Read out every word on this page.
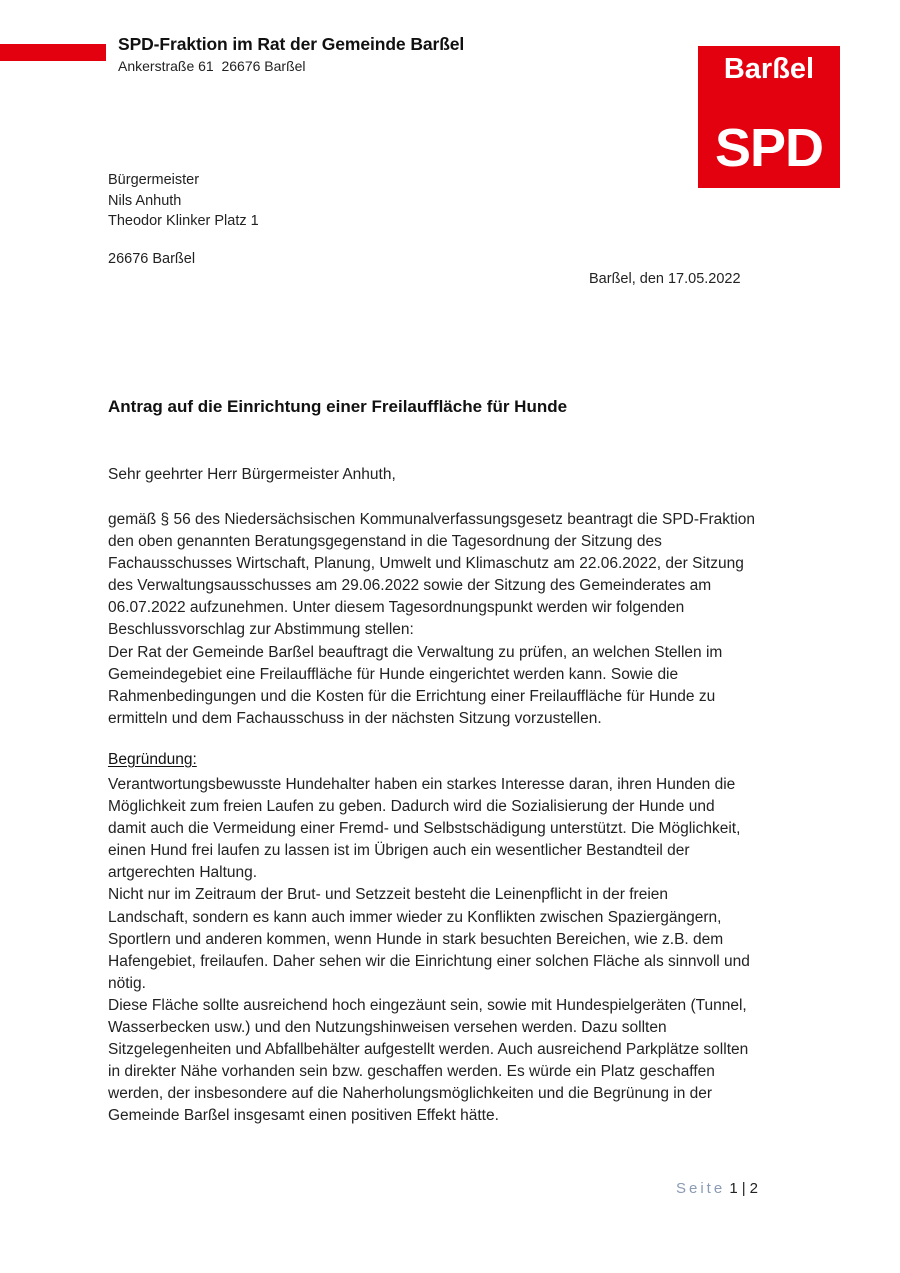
SPD-Fraktion im Rat der Gemeinde Barßel
Ankerstraße 61  26676 Barßel	Barßel
SPD
Bürgermeister
Nils Anhuth
Theodor Klinker Platz 1
26676 Barßel
Barßel, den 17.05.2022
Antrag auf die Einrichtung einer Freilauffläche für Hunde
Sehr geehrter Herr Bürgermeister Anhuth,
gemäß § 56 des Niedersächsischen Kommunalverfassungsgesetz beantragt die SPD-Fraktion
den oben genannten Beratungsgegenstand in die Tagesordnung der Sitzung des
Fachausschusses Wirtschaft, Planung, Umwelt und Klimaschutz am 22.06.2022, der Sitzung
des Verwaltungsausschusses am 29.06.2022 sowie der Sitzung des Gemeinderates am
06.07.2022 aufzunehmen. Unter diesem Tagesordnungspunkt werden wir folgenden
Beschlussvorschlag zur Abstimmung stellen:
Der Rat der Gemeinde Barßel beauftragt die Verwaltung zu prüfen, an welchen Stellen im
Gemeindegebiet eine Freilauffläche für Hunde eingerichtet werden kann. Sowie die
Rahmenbedingungen und die Kosten für die Errichtung einer Freilauffläche für Hunde zu
ermitteln und dem Fachausschuss in der nächsten Sitzung vorzustellen.
Begründung:
Verantwortungsbewusste Hundehalter haben ein starkes Interesse daran, ihren Hunden die
Möglichkeit zum freien Laufen zu geben. Dadurch wird die Sozialisierung der Hunde und
damit auch die Vermeidung einer Fremd- und Selbstschädigung unterstützt. Die Möglichkeit,
einen Hund frei laufen zu lassen ist im Übrigen auch ein wesentlicher Bestandteil der
artgerechten Haltung.
Nicht nur im Zeitraum der Brut- und Setzzeit besteht die Leinenpflicht in der freien
Landschaft, sondern es kann auch immer wieder zu Konflikten zwischen Spaziergängern,
Sportlern und anderen kommen, wenn Hunde in stark besuchten Bereichen, wie z.B. dem
Hafengebiet, freilaufen. Daher sehen wir die Einrichtung einer solchen Fläche als sinnvoll und
nötig.
Diese Fläche sollte ausreichend hoch eingezäunt sein, sowie mit Hundespielgeräten (Tunnel,
Wasserbecken usw.) und den Nutzungshinweisen versehen werden. Dazu sollten
Sitzgelegenheiten und Abfallbehälter aufgestellt werden. Auch ausreichend Parkplätze sollten
in direkter Nähe vorhanden sein bzw. geschaffen werden. Es würde ein Platz geschaffen
werden, der insbesondere auf die Naherholungsmöglichkeiten und die Begrünung in der
Gemeinde Barßel insgesamt einen positiven Effekt hätte.
Seite 1 | 2
